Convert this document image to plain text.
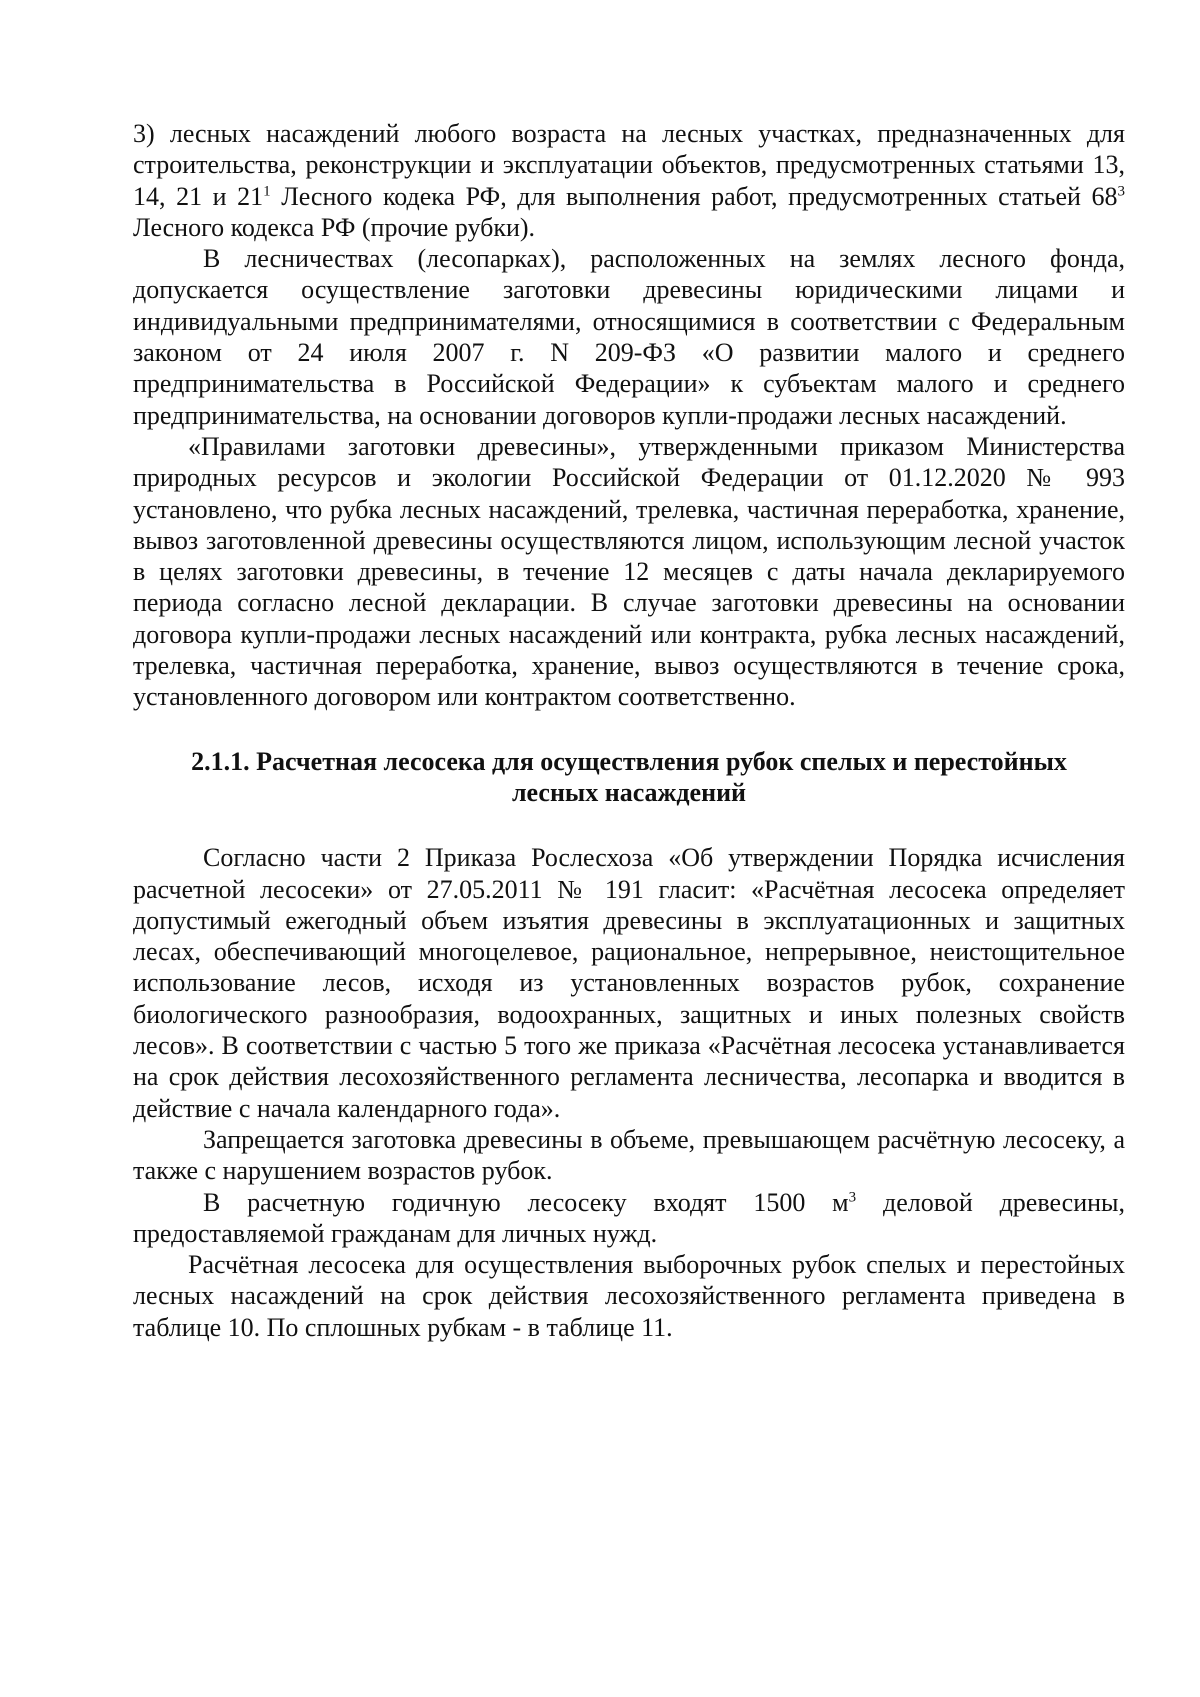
3) лесных насаждений любого возраста на лесных участках, предназначенных для строительства, реконструкции и эксплуатации объектов, предусмотренных статьями 13, 14, 21 и $21^1$ Лесного кодека РФ, для выполнения работ, предусмотренных статьей $68^3$ Лесного кодекса РФ (прочие рубки).

В лесничествах (лесопарках), расположенных на землях лесного фонда, допускается осуществление заготовки древесины юридическими лицами и индивидуальными предпринимателями, относящимися в соответствии с Федеральным законом от 24 июля 2007 г. N 209-ФЗ «О развитии малого и среднего предпринимательства в Российской Федерации» к субъектам малого и среднего предпринимательства, на основании договоров купли-продажи лесных насаждений.

«Правилами заготовки древесины», утвержденными приказом Министерства природных ресурсов и экологии Российской Федерации от 01.12.2020 № 993 установлено, что рубка лесных насаждений, трелевка, частичная переработка, хранение, вывоз заготовленной древесины осуществляются лицом, использующим лесной участок в целях заготовки древесины, в течение 12 месяцев с даты начала декларируемого периода согласно лесной декларации. В случае заготовки древесины на основании договора купли-продажи лесных насаждений или контракта, рубка лесных насаждений, трелевка, частичная переработка, хранение, вывоз осуществляются в течение срока, установленного договором или контрактом соответственно.

2.1.1. Расчетная лесосека для осуществления рубок спелых и перестойных
лесных насаждений

Согласно части 2 Приказа Рослесхоза «Об утверждении Порядка исчисления расчетной лесосеки» от 27.05.2011 № 191 гласит: «Расчётная лесосека определяет допустимый ежегодный объем изъятия древесины в эксплуатационных и защитных лесах, обеспечивающий многоцелевое, рациональное, непрерывное, неистощительное использование лесов, исходя из установленных возрастов рубок, сохранение биологического разнообразия, водоохранных, защитных и иных полезных свойств лесов». В соответствии с частью 5 того же приказа «Расчётная лесосека устанавливается на срок действия лесохозяйственного регламента лесничества, лесопарка и вводится в действие с начала календарного года».

Запрещается заготовка древесины в объеме, превышающем расчётную лесосеку, а также с нарушением возрастов рубок.

В расчетную годичную лесосеку входят 1500 $м^3$ деловой древесины, предоставляемой гражданам для личных нужд.

Расчётная лесосека для осуществления выборочных рубок спелых и перестойных лесных насаждений на срок действия лесохозяйственного регламента приведена в таблице 10. По сплошных рубкам - в таблице 11.
